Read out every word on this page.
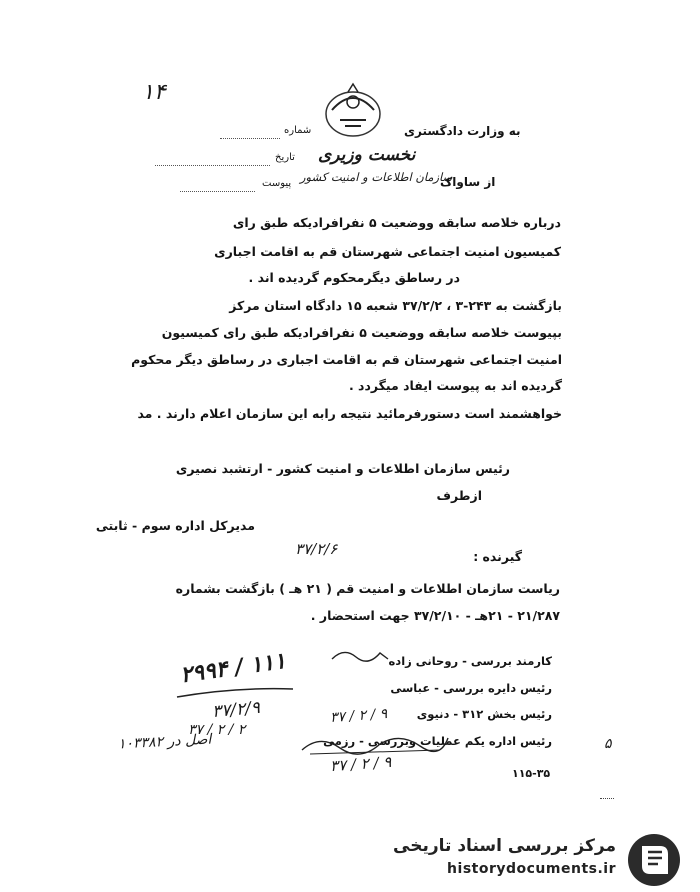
۱۴
شماره
نخست وزیری
تاریخ
سازمان اطلاعات و امنیت کشور
پیوست
به وزارت دادگستری
از ساواک
درباره خلاصه سابقه ووضعیت ۵ نفرافرادیکه طبق رای
کمیسیون امنیت اجتماعی شهرستان قم به اقامت اجباری
در رساطق دیگرمحکوم گردیده اند .
بازگشت به ۲۴۳-۳ ، ۳۷/۲/۲ شعبه ۱۵ دادگاه استان مرکز
بپیوست خلاصه سابقه ووضعیت ۵ نفرافرادیکه طبق رای کمیسیون
امنیت اجتماعی شهرستان قم به اقامت اجباری در رساطق دیگر محکوم
گردیده اند به پیوست ایفاد میگردد .
خواهشمند است دستورفرمائید نتیجه رابه این سازمان اعلام دارند . مد
رئیس سازمان اطلاعات و امنیت کشور - ارتشبد نصیری
ازطرف
مدیرکل اداره سوم - ثابتی
گیرنده :
۳۷/۲/۶
ریاست سازمان اطلاعات و امنیت قم ( ۲۱ هـ ) بازگشت بشماره
۲۱/۲۸۷ - ۲۱هـ - ۳۷/۲/۱۰ جهت استحضار .
کارمند بررسی - روحانی زاده
رئیس دایره بررسی - عباسی
رئیس بخش ۳۱۲ - دنیوی
رئیس اداره یکم عملیات وبررسی - رزمی
۱۱۵-۳۵
۲۹۹۴ / ۱۱۱
۳۷/۲/۹
۳۷ / ۲ / ۲
اصل در ۱۰۳۳۸۲
۳۷ / ۲ / ۹
۳۷ / ۲ / ۹
۵
مرکز بررسی اسناد تاریخی
historydocuments.ir
